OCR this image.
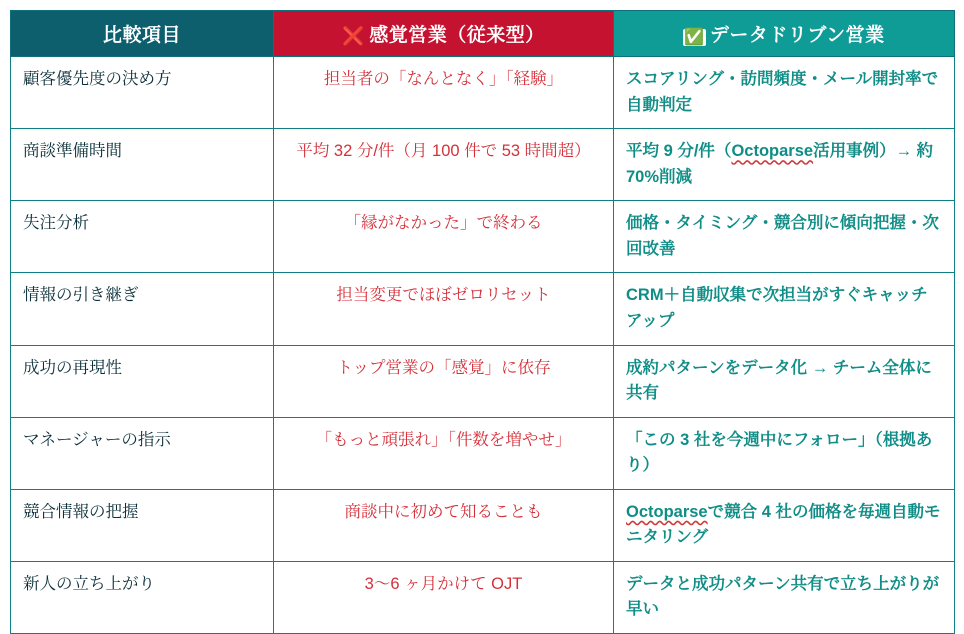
比較項目	❌ 感覚営業（従来型）	✅ データドリブン営業
顧客優先度の決め方	担当者の「なんとなく」「経験」	スコアリング・訪問頻度・メール開封率で自動判定
商談準備時間	平均 32 分/件（月 100 件で 53 時間超）	平均 9 分/件（Octoparse活用事例）→ 約70%削減
失注分析	「縁がなかった」で終わる	価格・タイミング・競合別に傾向把握・次回改善
情報の引き継ぎ	担当変更でほぼゼロリセット	CRM＋自動収集で次担当がすぐキャッチアップ
成功の再現性	トップ営業の「感覚」に依存	成約パターンをデータ化 → チーム全体に共有
マネージャーの指示	「もっと頑張れ」「件数を増やせ」	「この 3 社を今週中にフォロー」（根拠あり）
競合情報の把握	商談中に初めて知ることも	Octoparseで競合 4 社の価格を毎週自動モニタリング
新人の立ち上がり	3〜6 ヶ月かけて OJT	データと成功パターン共有で立ち上がりが早い
